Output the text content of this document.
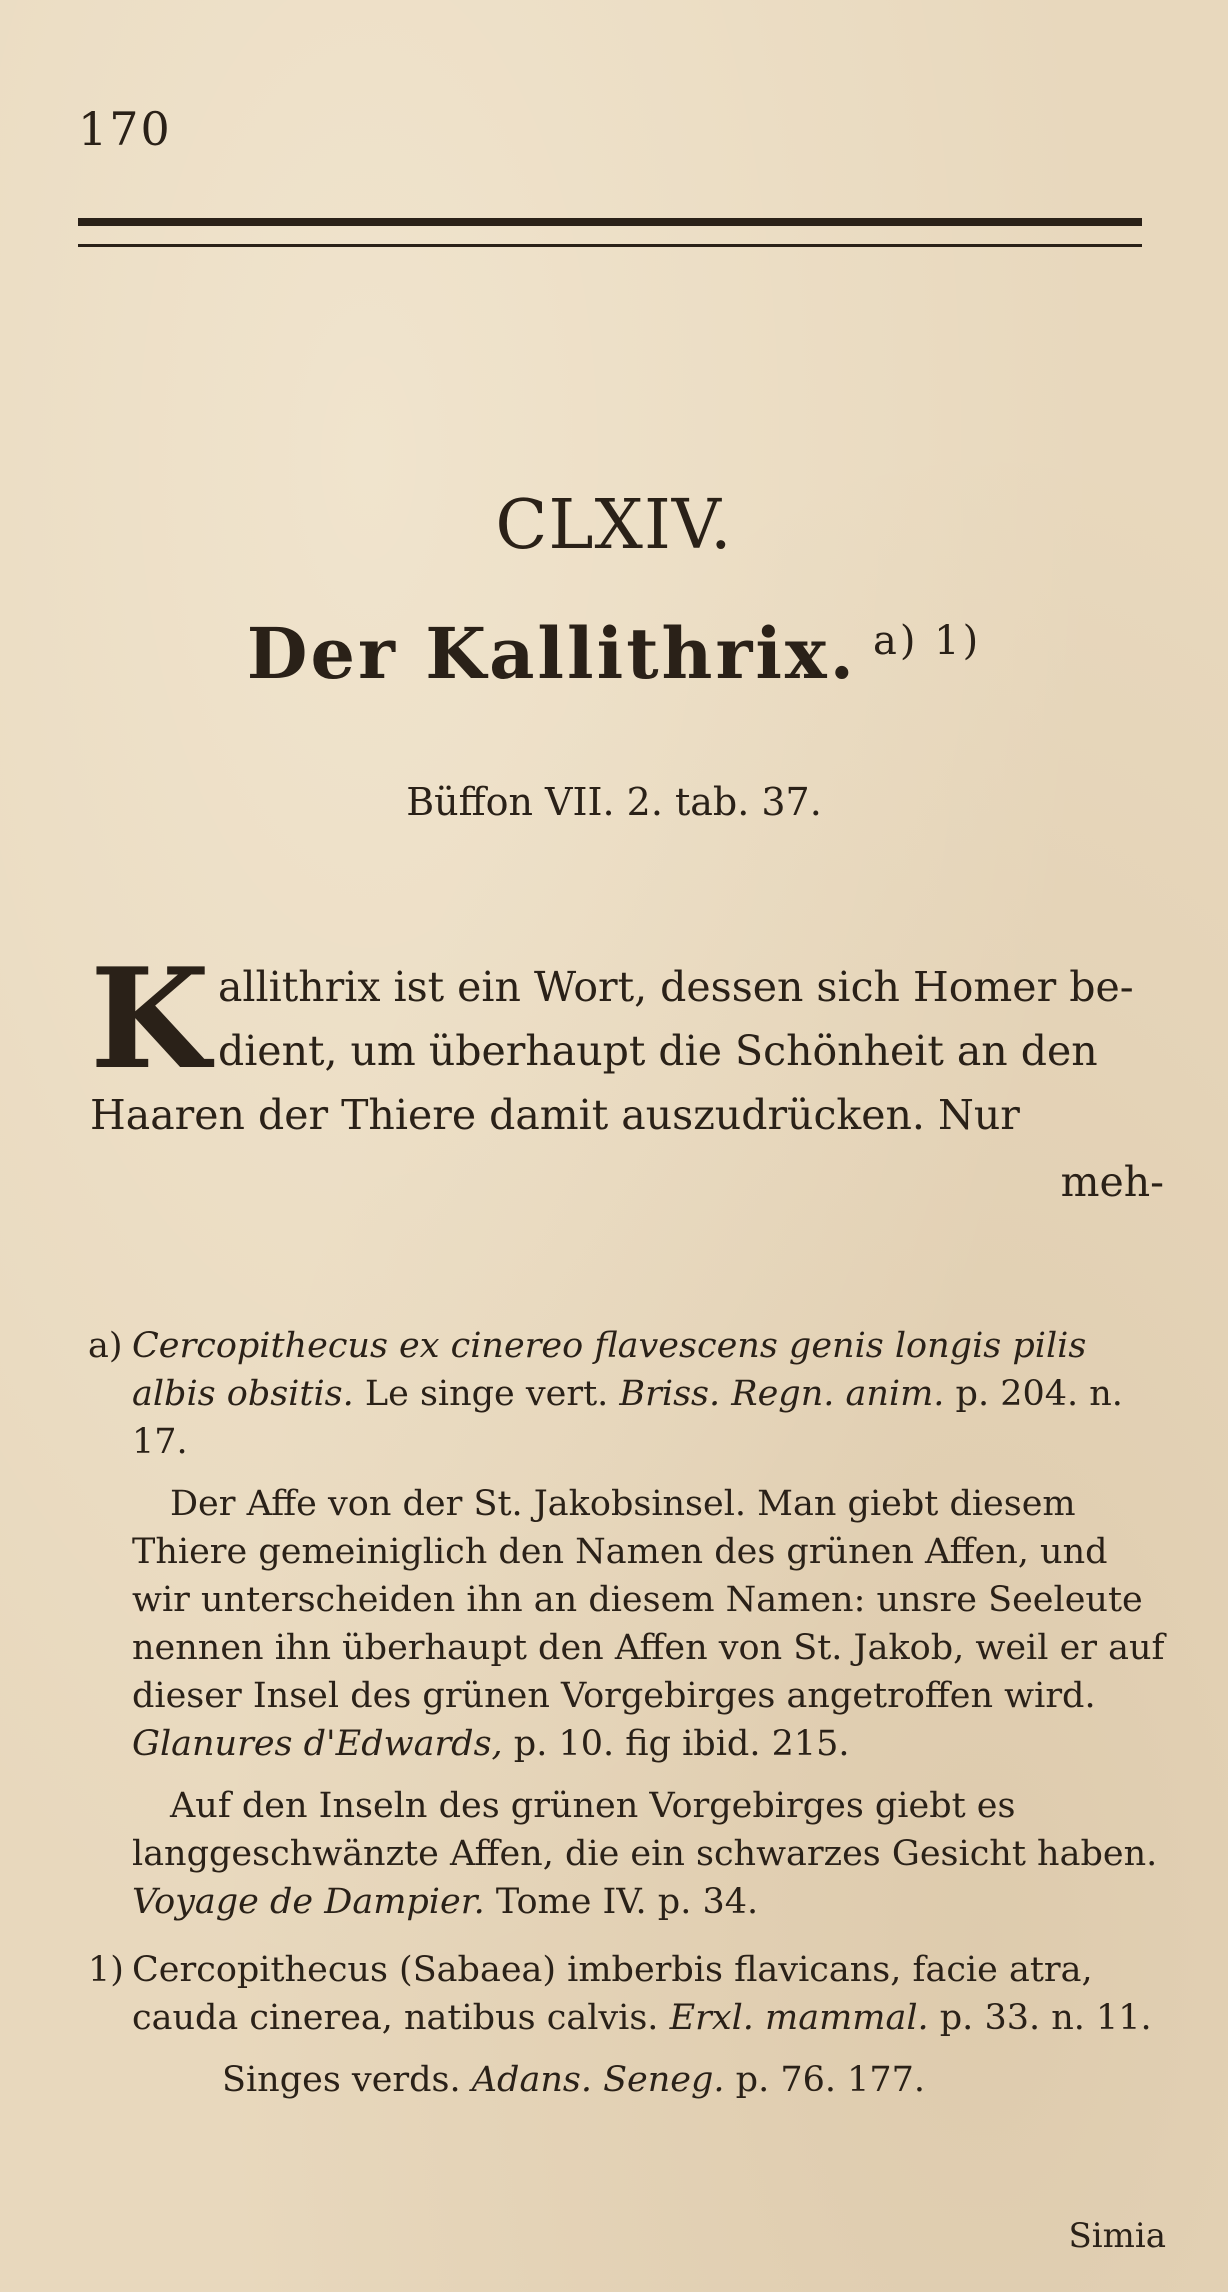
170
CLXIV.
Der Kallithrix. $^{a) 1)}$
Büffon VII. 2. tab. 37.
K allithrix ist ein Wort, dessen sich Homer be-
dient, um überhaupt die Schönheit an den
Haaren der Thiere damit auszudrücken. Nur
meh-
a) Cercopithecus ex cinereo flavescens genis longis pilis albis obsitis. Le singe vert. Briss. Regn. anim. p. 204. n. 17.
Der Affe von der St. Jakobsinsel. Man giebt diesem Thiere gemeiniglich den Namen des grünen Affen, und wir unterscheiden ihn an diesem Namen: unsre Seeleute nennen ihn überhaupt den Affen von St. Jakob, weil er auf dieser Insel des grünen Vorgebirges angetroffen wird. Glanures d'Edwards, p. 10. fig ibid. 215.
Auf den Inseln des grünen Vorgebirges giebt es langgeschwänzte Affen, die ein schwarzes Gesicht haben. Voyage de Dampier. Tome IV. p. 34.
1) Cercopithecus (Sabaea) imberbis flavicans, facie atra, cauda cinerea, natibus calvis. Erxl. mammal. p. 33. n. 11.
Singes verds. Adans. Seneg. p. 76. 177.
Simia
